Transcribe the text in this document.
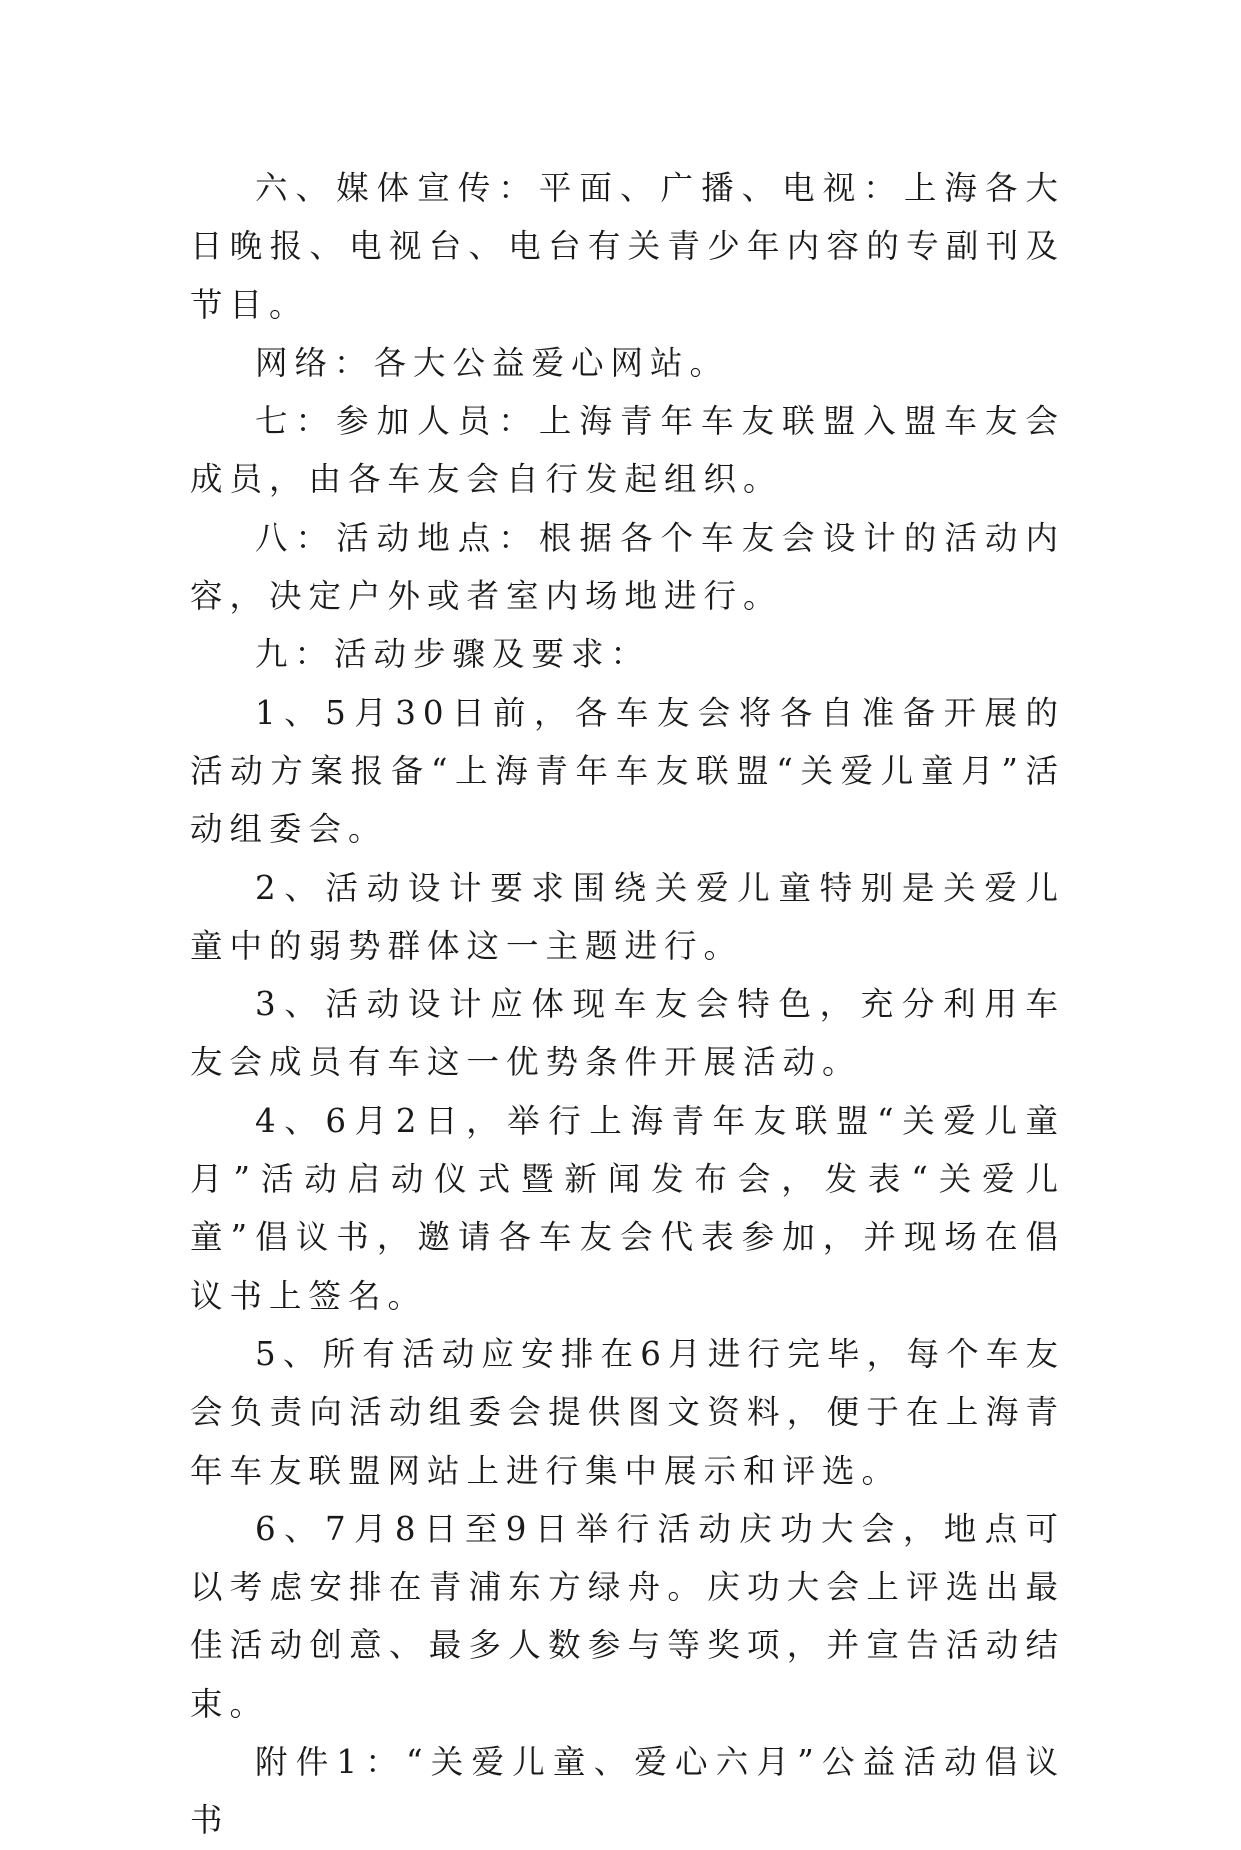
六、媒体宣传：平面、广播、电视：上海各大日晚报、电视台、电台有关青少年内容的专副刊及节目。

网络：各大公益爱心网站。

七：参加人员：上海青年车友联盟入盟车友会成员，由各车友会自行发起组织。

八：活动地点：根据各个车友会设计的活动内容，决定户外或者室内场地进行。

九：活动步骤及要求：

1、5月30日前，各车友会将各自准备开展的活动方案报备“上海青年车友联盟“关爱儿童月”活动组委会。

2、活动设计要求围绕关爱儿童特别是关爱儿童中的弱势群体这一主题进行。

3、活动设计应体现车友会特色，充分利用车友会成员有车这一优势条件开展活动。

4、6月2日，举行上海青年友联盟“关爱儿童月”活动启动仪式暨新闻发布会，发表“关爱儿童”倡议书，邀请各车友会代表参加，并现场在倡议书上签名。

5、所有活动应安排在6月进行完毕，每个车友会负责向活动组委会提供图文资料，便于在上海青年车友联盟网站上进行集中展示和评选。

6、7月8日至9日举行活动庆功大会，地点可以考虑安排在青浦东方绿舟。庆功大会上评选出最佳活动创意、最多人数参与等奖项，并宣告活动结束。

附件1：“关爱儿童、爱心六月”公益活动倡议书
